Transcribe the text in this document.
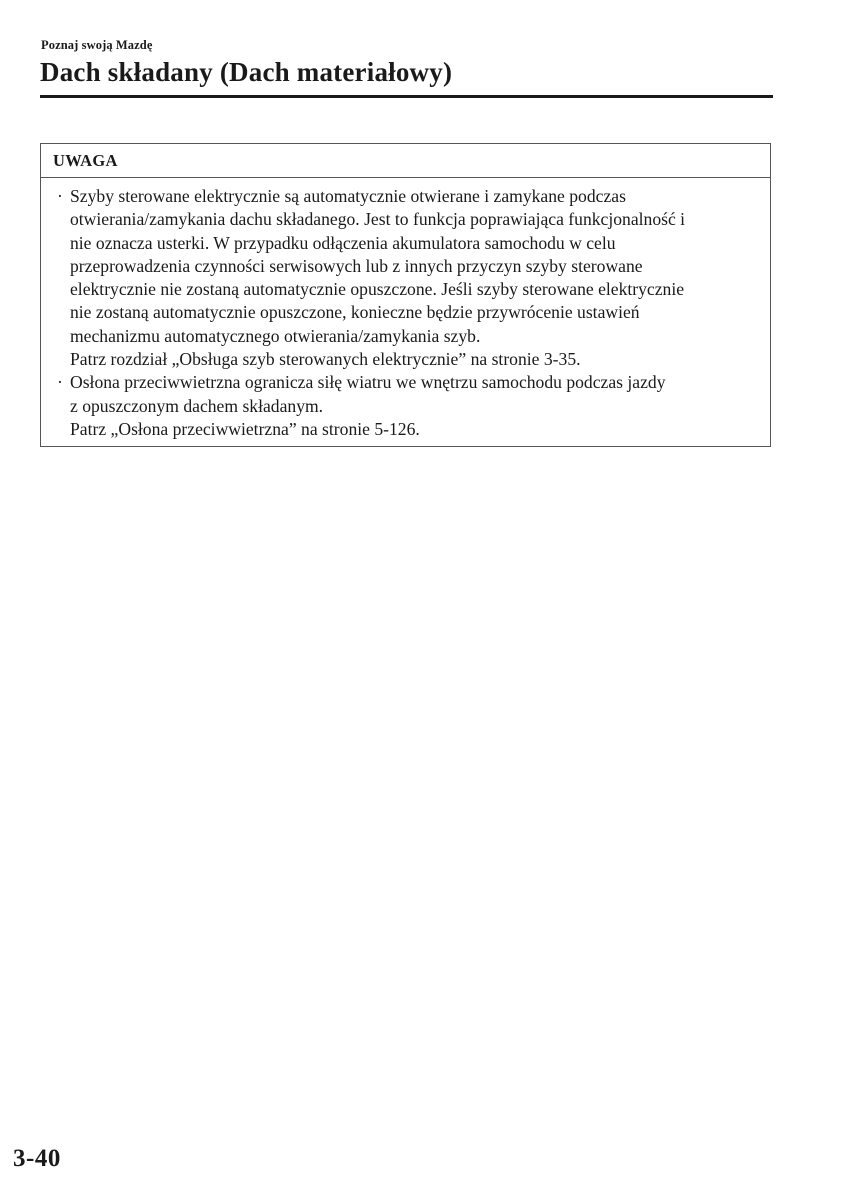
Poznaj swoją Mazdę
Dach składany (Dach materiałowy)
UWAGA
· Szyby sterowane elektrycznie są automatycznie otwierane i zamykane podczas
otwierania/zamykania dachu składanego. Jest to funkcja poprawiająca funkcjonalność i
nie oznacza usterki. W przypadku odłączenia akumulatora samochodu w celu
przeprowadzenia czynności serwisowych lub z innych przyczyn szyby sterowane
elektrycznie nie zostaną automatycznie opuszczone. Jeśli szyby sterowane elektrycznie
nie zostaną automatycznie opuszczone, konieczne będzie przywrócenie ustawień
mechanizmu automatycznego otwierania/zamykania szyb.
Patrz rozdział „Obsługa szyb sterowanych elektrycznie” na stronie 3-35.
· Osłona przeciwwietrzna ogranicza siłę wiatru we wnętrzu samochodu podczas jazdy
z opuszczonym dachem składanym.
Patrz „Osłona przeciwwietrzna” na stronie 5-126.
3-40
